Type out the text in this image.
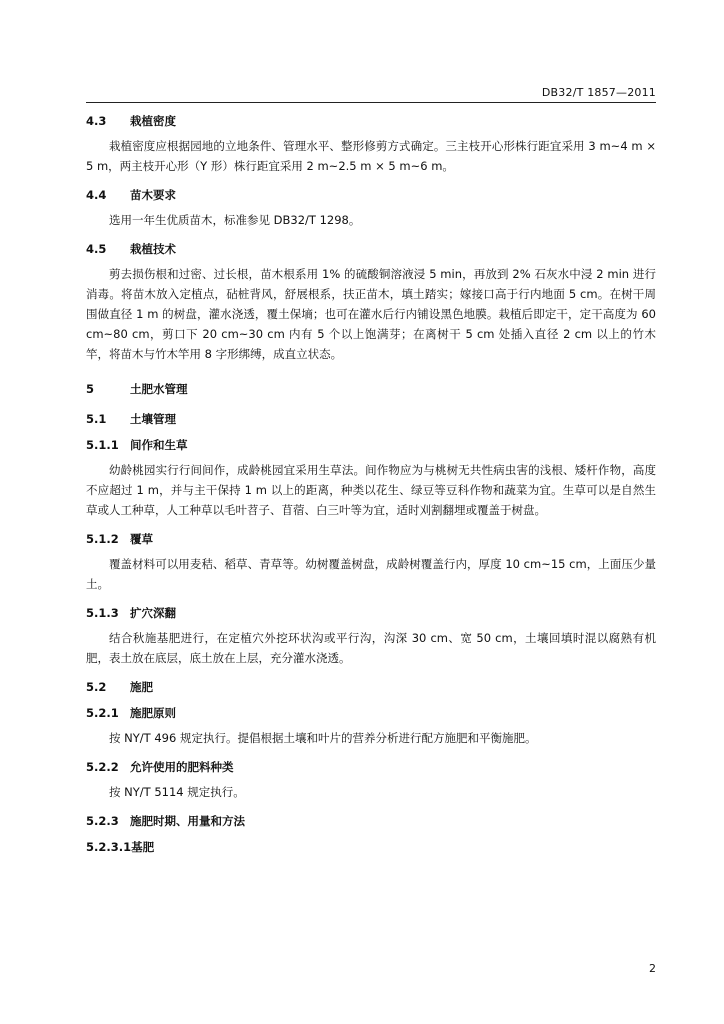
DB32/T 1857—2011
4.3 栽植密度

栽植密度应根据园地的立地条件、管理水平、整形修剪方式确定。三主枝开心形株行距宜采用 3 m~4 m × 5 m，两主枝开心形（Y 形）株行距宜采用 2 m~2.5 m × 5 m~6 m。

4.4 苗木要求

选用一年生优质苗木，标准参见 DB32/T 1298。

4.5 栽植技术

剪去损伤根和过密、过长根，苗木根系用 1% 的硫酸铜溶液浸 5 min，再放到 2% 石灰水中浸 2 min 进行消毒。将苗木放入定植点，砧桩背风，舒展根系，扶正苗木，填土踏实；嫁接口高于行内地面 5 cm。在树干周围做直径 1 m 的树盘，灌水浇透，覆土保墒；也可在灌水后行内铺设黑色地膜。栽植后即定干，定干高度为 60 cm~80 cm，剪口下 20 cm~30 cm 内有 5 个以上饱满芽；在离树干 5 cm 处插入直径 2 cm 以上的竹木竿，将苗木与竹木竿用 8 字形绑缚，成直立状态。

5	土肥水管理
5.1 土壤管理
5.1.1 间作和生草

幼龄桃园实行行间间作，成龄桃园宜采用生草法。间作物应为与桃树无共性病虫害的浅根、矮杆作物，高度不应超过 1 m，并与主干保持 1 m 以上的距离，种类以花生、绿豆等豆科作物和蔬菜为宜。生草可以是自然生草或人工种草，人工种草以毛叶苕子、苜蓿、白三叶等为宜，适时刈割翻埋或覆盖于树盘。

5.1.2 覆草

覆盖材料可以用麦秸、稻草、青草等。幼树覆盖树盘，成龄树覆盖行内，厚度 10 cm~15 cm，上面压少量土。

5.1.3 扩穴深翻

结合秋施基肥进行，在定植穴外挖环状沟或平行沟，沟深 30 cm、宽 50 cm，土壤回填时混以腐熟有机肥，表土放在底层，底土放在上层，充分灌水浇透。

5.2 施肥
5.2.1 施肥原则

按 NY/T 496 规定执行。提倡根据土壤和叶片的营养分析进行配方施肥和平衡施肥。

5.2.2 允许使用的肥料种类

按 NY/T 5114 规定执行。

5.2.3 施肥时期、用量和方法
5.2.3.1基肥
2
